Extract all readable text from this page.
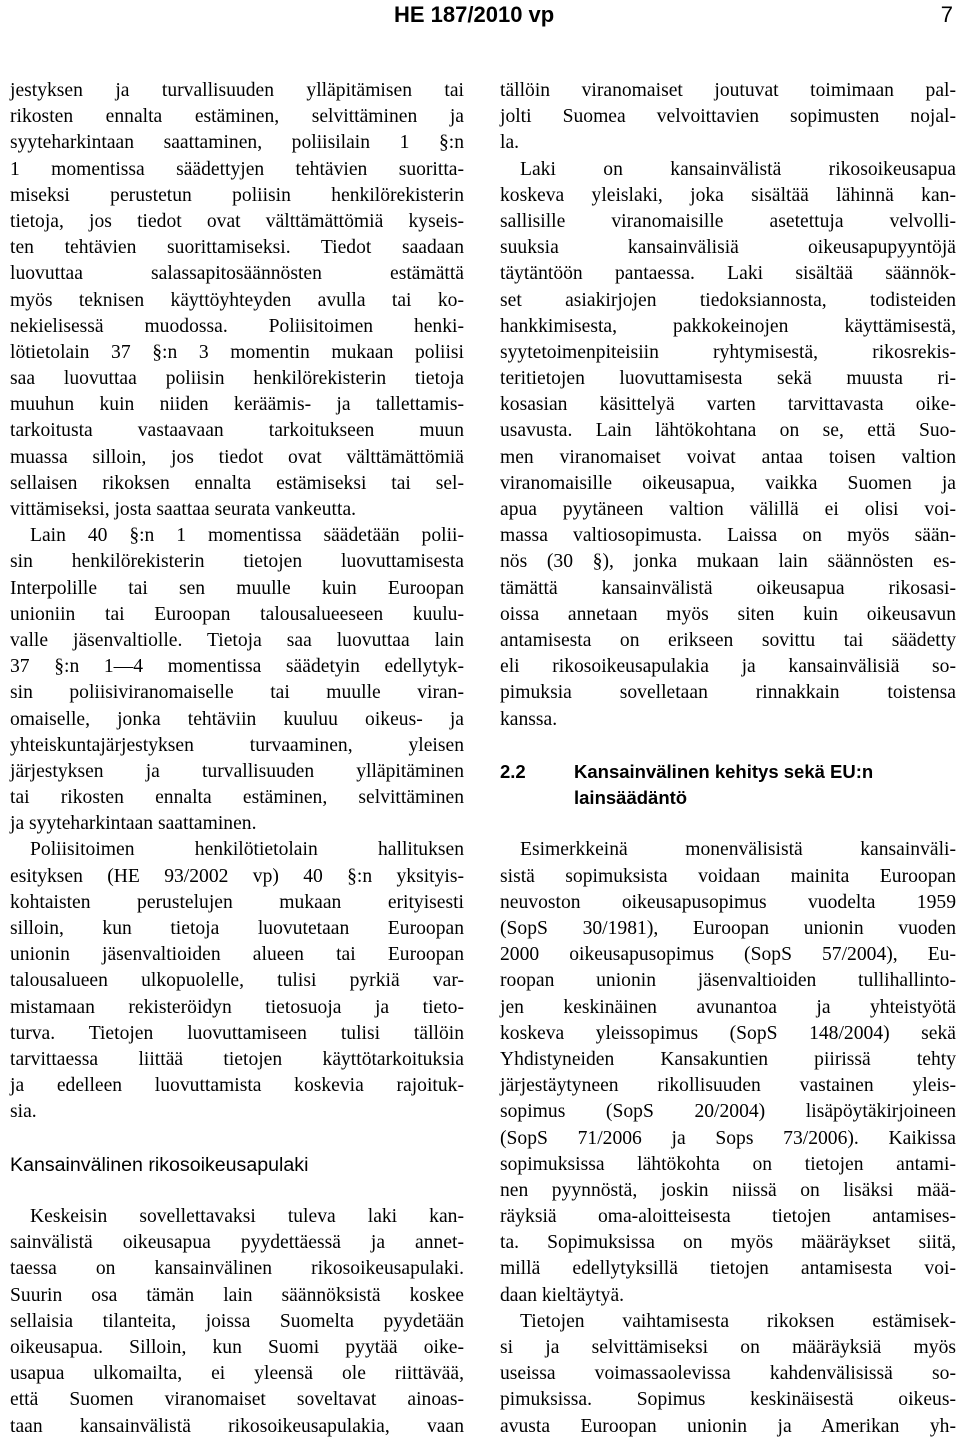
HE 187/2010 vp	7
jestyksen ja turvallisuuden ylläpitämisen tai
rikosten ennalta estäminen, selvittäminen ja
syyteharkintaan saattaminen, poliisilain 1 §:n
1 momentissa säädettyjen tehtävien suoritta-
miseksi perustetun poliisin henkilörekisterin
tietoja, jos tiedot ovat välttämättömiä kyseis-
ten tehtävien suorittamiseksi. Tiedot saadaan
luovuttaa salassapitosäännösten estämättä
myös teknisen käyttöyhteyden avulla tai ko-
nekielisessä muodossa. Poliisitoimen henki-
lötietolain 37 §:n 3 momentin mukaan poliisi
saa luovuttaa poliisin henkilörekisterin tietoja
muuhun kuin niiden keräämis- ja tallettamis-
tarkoitusta vastaavaan tarkoitukseen muun
muassa silloin, jos tiedot ovat välttämättömiä
sellaisen rikoksen ennalta estämiseksi tai sel-
vittämiseksi, josta saattaa seurata vankeutta.
Lain 40 §:n 1 momentissa säädetään polii-
sin henkilörekisterin tietojen luovuttamisesta
Interpolille tai sen muulle kuin Euroopan
unioniin tai Euroopan talousalueeseen kuulu-
valle jäsenvaltiolle. Tietoja saa luovuttaa lain
37 §:n 1—4 momentissa säädetyin edellytyk-
sin poliisiviranomaiselle tai muulle viran-
omaiselle, jonka tehtäviin kuuluu oikeus- ja
yhteiskuntajärjestyksen turvaaminen, yleisen
järjestyksen ja turvallisuuden ylläpitäminen
tai rikosten ennalta estäminen, selvittäminen
ja syyteharkintaan saattaminen.
Poliisitoimen henkilötietolain hallituksen
esityksen (HE 93/2002 vp) 40 §:n yksityis-
kohtaisten perustelujen mukaan erityisesti
silloin, kun tietoja luovutetaan Euroopan
unionin jäsenvaltioiden alueen tai Euroopan
talousalueen ulkopuolelle, tulisi pyrkiä var-
mistamaan rekisteröidyn tietosuoja ja tieto-
turva. Tietojen luovuttamiseen tulisi tällöin
tarvittaessa liittää tietojen käyttötarkoituksia
ja edelleen luovuttamista koskevia rajoituk-
sia.
Kansainvälinen rikosoikeusapulaki
Keskeisin sovellettavaksi tuleva laki kan-
sainvälistä oikeusapua pyydettäessä ja annet-
taessa on kansainvälinen rikosoikeusapulaki.
Suurin osa tämän lain säännöksistä koskee
sellaisia tilanteita, joissa Suomelta pyydetään
oikeusapua. Silloin, kun Suomi pyytää oike-
usapua ulkomailta, ei yleensä ole riittävää,
että Suomen viranomaiset soveltavat ainoas-
taan kansainvälistä rikosoikeusapulakia, vaan
tällöin viranomaiset joutuvat toimimaan pal-
jolti Suomea velvoittavien sopimusten nojal-
la.
Laki on kansainvälistä rikosoikeusapua
koskeva yleislaki, joka sisältää lähinnä kan-
sallisille viranomaisille asetettuja velvolli-
suuksia kansainvälisiä oikeusapupyyntöjä
täytäntöön pantaessa. Laki sisältää säännök-
set asiakirjojen tiedoksiannosta, todisteiden
hankkimisesta, pakkokeinojen käyttämisestä,
syytetoimenpiteisiin ryhtymisestä, rikosrekis-
teritietojen luovuttamisesta sekä muusta ri-
kosasian käsittelyä varten tarvittavasta oike-
usavusta. Lain lähtökohtana on se, että Suo-
men viranomaiset voivat antaa toisen valtion
viranomaisille oikeusapua, vaikka Suomen ja
apua pyytäneen valtion välillä ei olisi voi-
massa valtiosopimusta. Laissa on myös sään-
nös (30 §), jonka mukaan lain säännösten es-
tämättä kansainvälistä oikeusapua rikosasi-
oissa annetaan myös siten kuin oikeusavun
antamisesta on erikseen sovittu tai säädetty
eli rikosoikeusapulakia ja kansainvälisiä so-
pimuksia sovelletaan rinnakkain toistensa
kanssa.
2.2	Kansainvälinen kehitys sekä EU:n
lainsäädäntö
Esimerkkeinä monenvälisistä kansainväli-
sistä sopimuksista voidaan mainita Euroopan
neuvoston oikeusapusopimus vuodelta 1959
(SopS 30/1981), Euroopan unionin vuoden
2000 oikeusapusopimus (SopS 57/2004), Eu-
roopan unionin jäsenvaltioiden tullihallinto-
jen keskinäinen avunantoa ja yhteistyötä
koskeva yleissopimus (SopS 148/2004) sekä
Yhdistyneiden Kansakuntien piirissä tehty
järjestäytyneen rikollisuuden vastainen yleis-
sopimus (SopS 20/2004) lisäpöytäkirjoineen
(SopS 71/2006 ja Sops 73/2006). Kaikissa
sopimuksissa lähtökohta on tietojen antami-
nen pyynnöstä, joskin niissä on lisäksi mää-
räyksiä oma-aloitteisesta tietojen antamises-
ta. Sopimuksissa on myös määräykset siitä,
millä edellytyksillä tietojen antamisesta voi-
daan kieltäytyä.
Tietojen vaihtamisesta rikoksen estämisek-
si ja selvittämiseksi on määräyksiä myös
useissa voimassaolevissa kahdenvälisissä so-
pimuksissa. Sopimus keskinäisestä oikeus-
avusta Euroopan unionin ja Amerikan yh-
